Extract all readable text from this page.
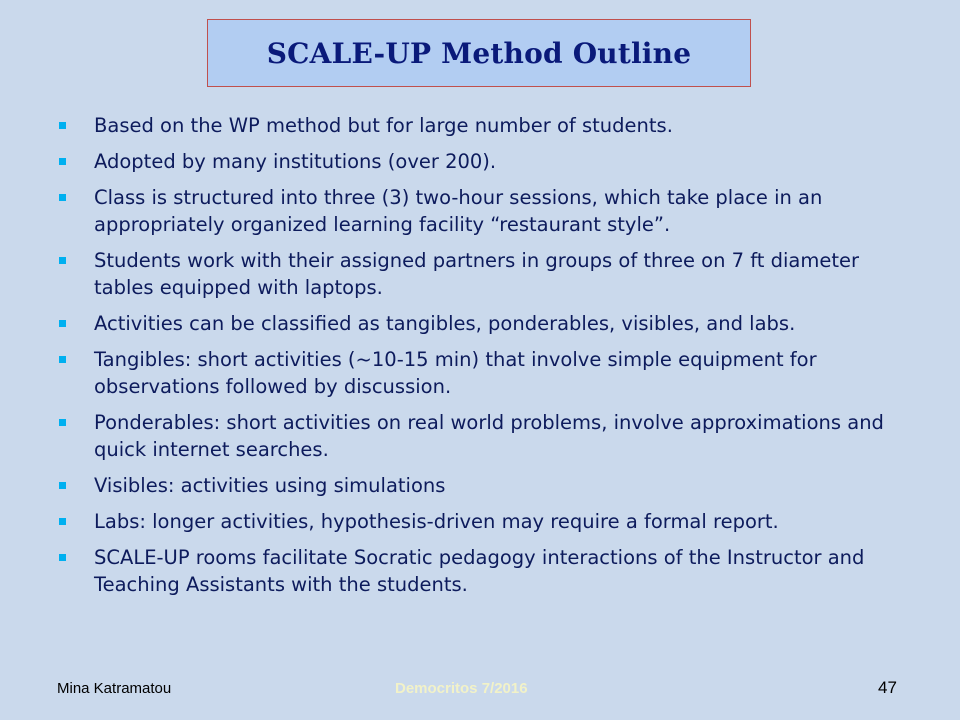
SCALE-UP Method Outline
Based on the WP method but for large number of students.
Adopted by many institutions (over 200).
Class is structured into three (3) two-hour sessions, which take place in an appropriately organized learning facility “restaurant style”.
Students work with their assigned partners in groups of three on 7 ft diameter tables equipped with laptops.
Activities can be classified as tangibles, ponderables, visibles, and labs.
Tangibles: short activities (~10-15 min) that involve simple equipment for observations followed by discussion.
Ponderables: short activities on real world problems, involve approximations and quick internet searches.
Visibles: activities using simulations
Labs: longer activities, hypothesis-driven may require a formal report.
SCALE-UP rooms facilitate Socratic pedagogy interactions of the Instructor and Teaching Assistants with the students.
Mina Katramatou	Democritos 7/2016	47
